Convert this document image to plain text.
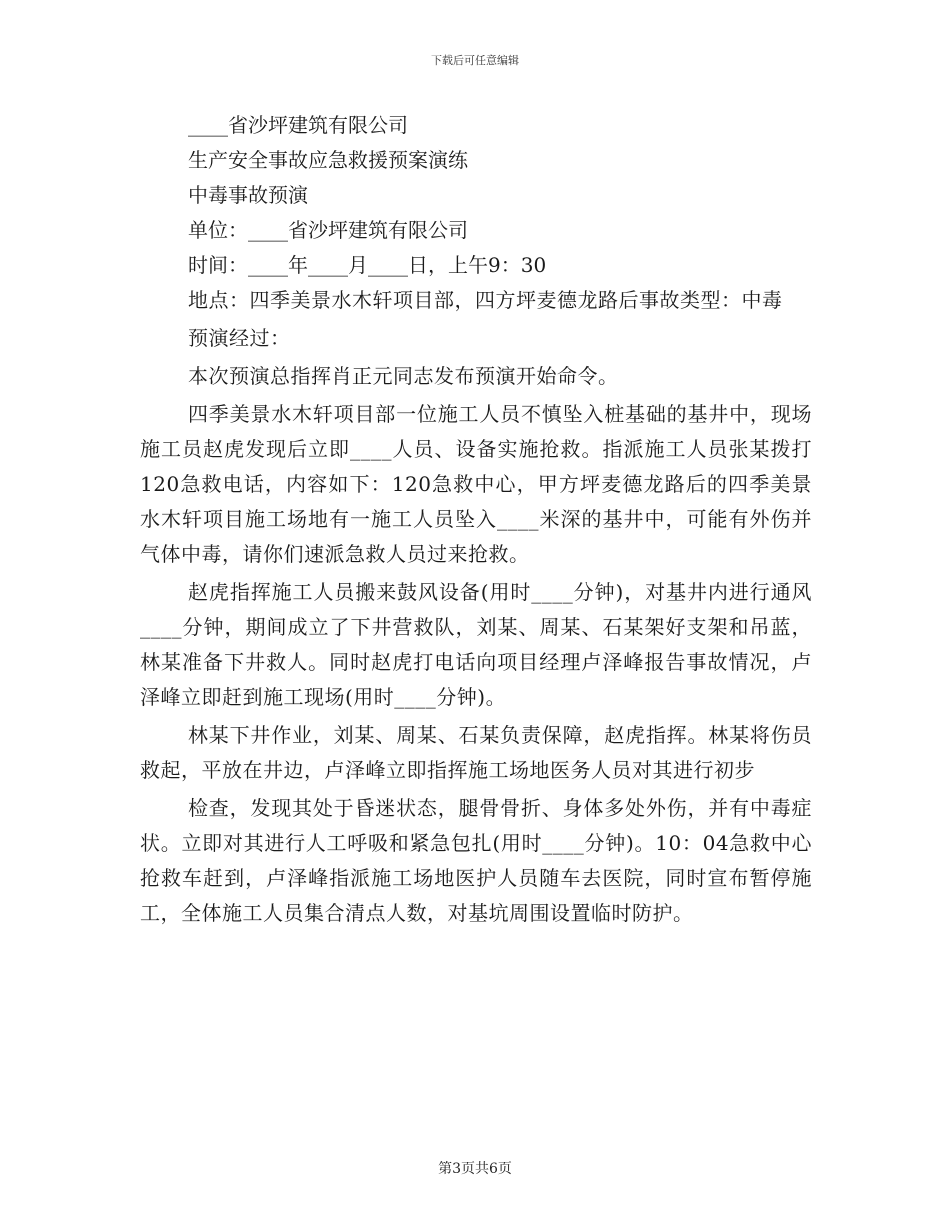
下载后可任意编辑

____省沙坪建筑有限公司

生产安全事故应急救援预案演练

中毒事故预演

单位：____省沙坪建筑有限公司

时间：____年____月____日，上午9：30

地点：四季美景水木轩项目部，四方坪麦德龙路后事故类型：中毒

预演经过：

本次预演总指挥肖正元同志发布预演开始命令。

四季美景水木轩项目部一位施工人员不慎坠入桩基础的基井中，现场施工员赵虎发现后立即____人员、设备实施抢救。指派施工人员张某拨打120急救电话，内容如下：120急救中心，甲方坪麦德龙路后的四季美景水木轩项目施工场地有一施工人员坠入____米深的基井中，可能有外伤并气体中毒，请你们速派急救人员过来抢救。

赵虎指挥施工人员搬来鼓风设备(用时____分钟)，对基井内进行通风____分钟，期间成立了下井营救队，刘某、周某、石某架好支架和吊蓝，林某准备下井救人。同时赵虎打电话向项目经理卢泽峰报告事故情况，卢泽峰立即赶到施工现场(用时____分钟)。

林某下井作业，刘某、周某、石某负责保障，赵虎指挥。林某将伤员救起，平放在井边，卢泽峰立即指挥施工场地医务人员对其进行初步

检查，发现其处于昏迷状态，腿骨骨折、身体多处外伤，并有中毒症状。立即对其进行人工呼吸和紧急包扎(用时____分钟)。10：04急救中心抢救车赶到，卢泽峰指派施工场地医护人员随车去医院，同时宣布暂停施工，全体施工人员集合清点人数，对基坑周围设置临时防护。

第3页共6页
